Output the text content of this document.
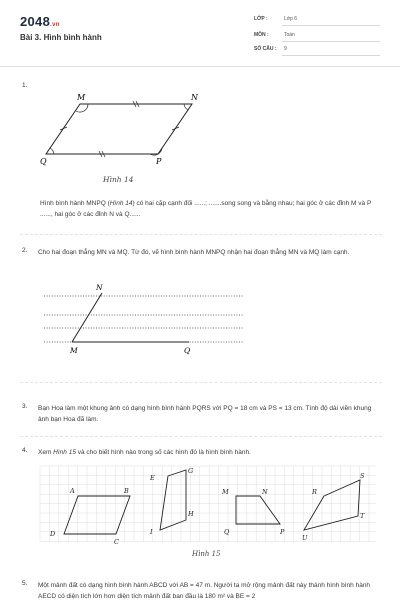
2048.vn
Bài 3. Hình bình hành
LỚP :	Lớp 6
MÔN :	Toán
SỐ CÂU : 9
1.
M	N
Q	P
Hình 14
Hình bình hành MNPQ (Hình 14) có hai cặp cạnh đối ......; .......song song và bằng nhau; hai góc ở các đỉnh M và P ......, hai góc ở các đỉnh N và Q......
2. Cho hai đoạn thẳng MN và MQ. Từ đó, vẽ hình bình hành MNPQ nhận hai đoạn thẳng MN và MQ làm cạnh.
N
M	Q
3. Bạn Hoa làm một khung ảnh có dạng hình bình hành PQRS với PQ = 18 cm và PS = 13 cm. Tính độ dài viền khung ảnh bạn Hoa đã làm.
4. Xem Hình 15 và cho biết hình nào trong số các hình đó là hình bình hành.
A	B
C
D
E
G
H
I
M	N
P
Q
R
S
T
U
Hình 15
5. Một mảnh đất có dạng hình bình hành ABCD với AB = 47 m. Người ta mở rộng mảnh đất này thành hình bình hành AECD có diện tích lớn hơn diện tích mảnh đất ban đầu là 180 m² và BE = 2
